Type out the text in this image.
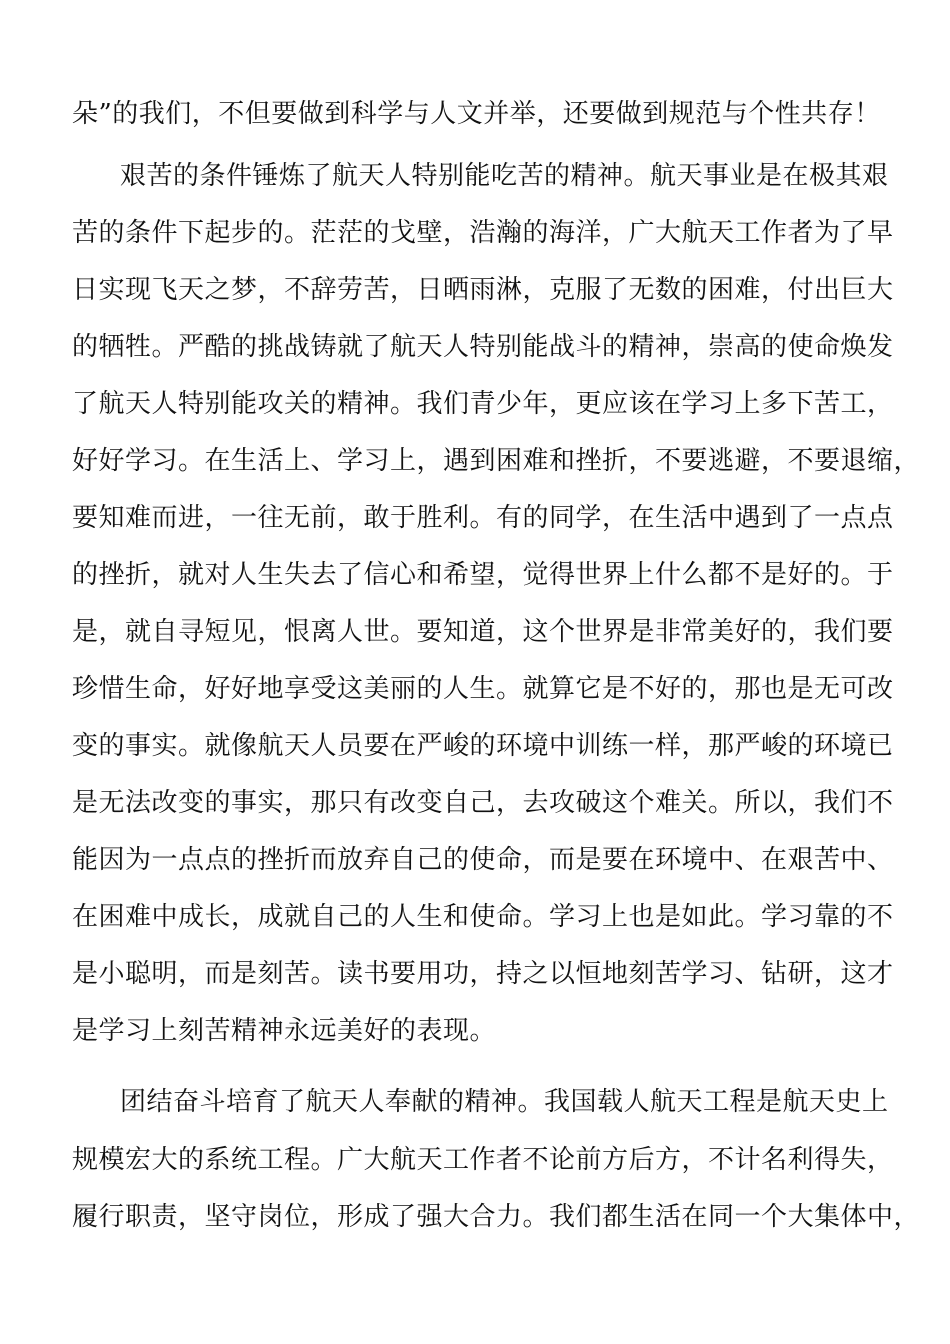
朵”的我们，不但要做到科学与人文并举，还要做到规范与个性共存！
艰苦的条件锤炼了航天人特别能吃苦的精神。航天事业是在极其艰
苦的条件下起步的。茫茫的戈壁，浩瀚的海洋，广大航天工作者为了早
日实现飞天之梦，不辞劳苦，日晒雨淋，克服了无数的困难，付出巨大
的牺牲。严酷的挑战铸就了航天人特别能战斗的精神，崇高的使命焕发
了航天人特别能攻关的精神。我们青少年，更应该在学习上多下苦工，
好好学习。在生活上、学习上，遇到困难和挫折，不要逃避，不要退缩，
要知难而进，一往无前，敢于胜利。有的同学，在生活中遇到了一点点
的挫折，就对人生失去了信心和希望，觉得世界上什么都不是好的。于
是，就自寻短见，恨离人世。要知道，这个世界是非常美好的，我们要
珍惜生命，好好地享受这美丽的人生。就算它是不好的，那也是无可改
变的事实。就像航天人员要在严峻的环境中训练一样，那严峻的环境已
是无法改变的事实，那只有改变自己，去攻破这个难关。所以，我们不
能因为一点点的挫折而放弃自己的使命，而是要在环境中、在艰苦中、
在困难中成长，成就自己的人生和使命。学习上也是如此。学习靠的不
是小聪明，而是刻苦。读书要用功，持之以恒地刻苦学习、钻研，这才
是学习上刻苦精神永远美好的表现。
团结奋斗培育了航天人奉献的精神。我国载人航天工程是航天史上
规模宏大的系统工程。广大航天工作者不论前方后方，不计名利得失，
履行职责，坚守岗位，形成了强大合力。我们都生活在同一个大集体中，
